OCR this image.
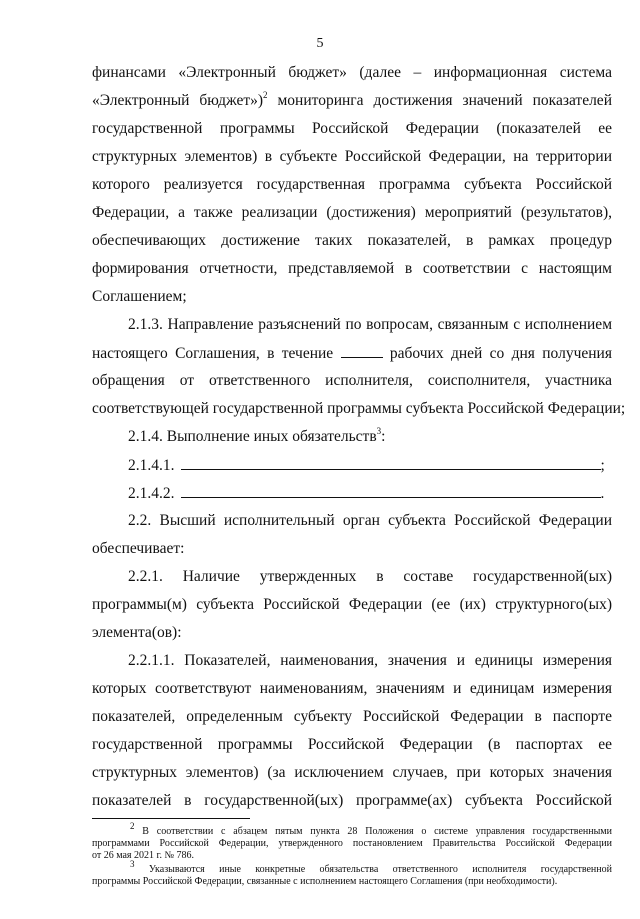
5
финансами «Электронный бюджет» (далее – информационная система
«Электронный бюджет»)$^2$ мониторинга достижения значений показателей
государственной программы Российской Федерации (показателей ее
структурных элементов) в субъекте Российской Федерации, на территории
которого реализуется государственная программа субъекта Российской
Федерации, а также реализации (достижения) мероприятий (результатов),
обеспечивающих достижение таких показателей, в рамках процедур
формирования отчетности, представляемой в соответствии с настоящим
Соглашением;
2.1.3. Направление разъяснений по вопросам, связанным с исполнением
настоящего Соглашения, в течение	рабочих дней со дня получения
обращения от ответственного исполнителя, соисполнителя, участника
соответствующей государственной программы субъекта Российской Федерации;
2.1.4. Выполнение иных обязательств$^3$:
2.1.4.1.	;
2.1.4.2.	.
2.2. Высший исполнительный орган субъекта Российской Федерации
обеспечивает:
2.2.1. Наличие утвержденных в составе государственной(ых)
программы(м) субъекта Российской Федерации (ее (их) структурного(ых)
элемента(ов):
2.2.1.1. Показателей, наименования, значения и единицы измерения
которых соответствуют наименованиям, значениям и единицам измерения
показателей, определенным субъекту Российской Федерации в паспорте
государственной программы Российской Федерации (в паспортах ее
структурных элементов) (за исключением случаев, при которых значения
показателей в государственной(ых) программе(ах) субъекта Российской
$^2$ В соответствии с абзацем пятым пункта 28 Положения о системе управления государственными
программами Российской Федерации, утвержденного постановлением Правительства Российской Федерации
от 26 мая 2021 г. № 786.
$^3$ Указываются иные конкретные обязательства ответственного исполнителя государственной
программы Российской Федерации, связанные с исполнением настоящего Соглашения (при необходимости).
